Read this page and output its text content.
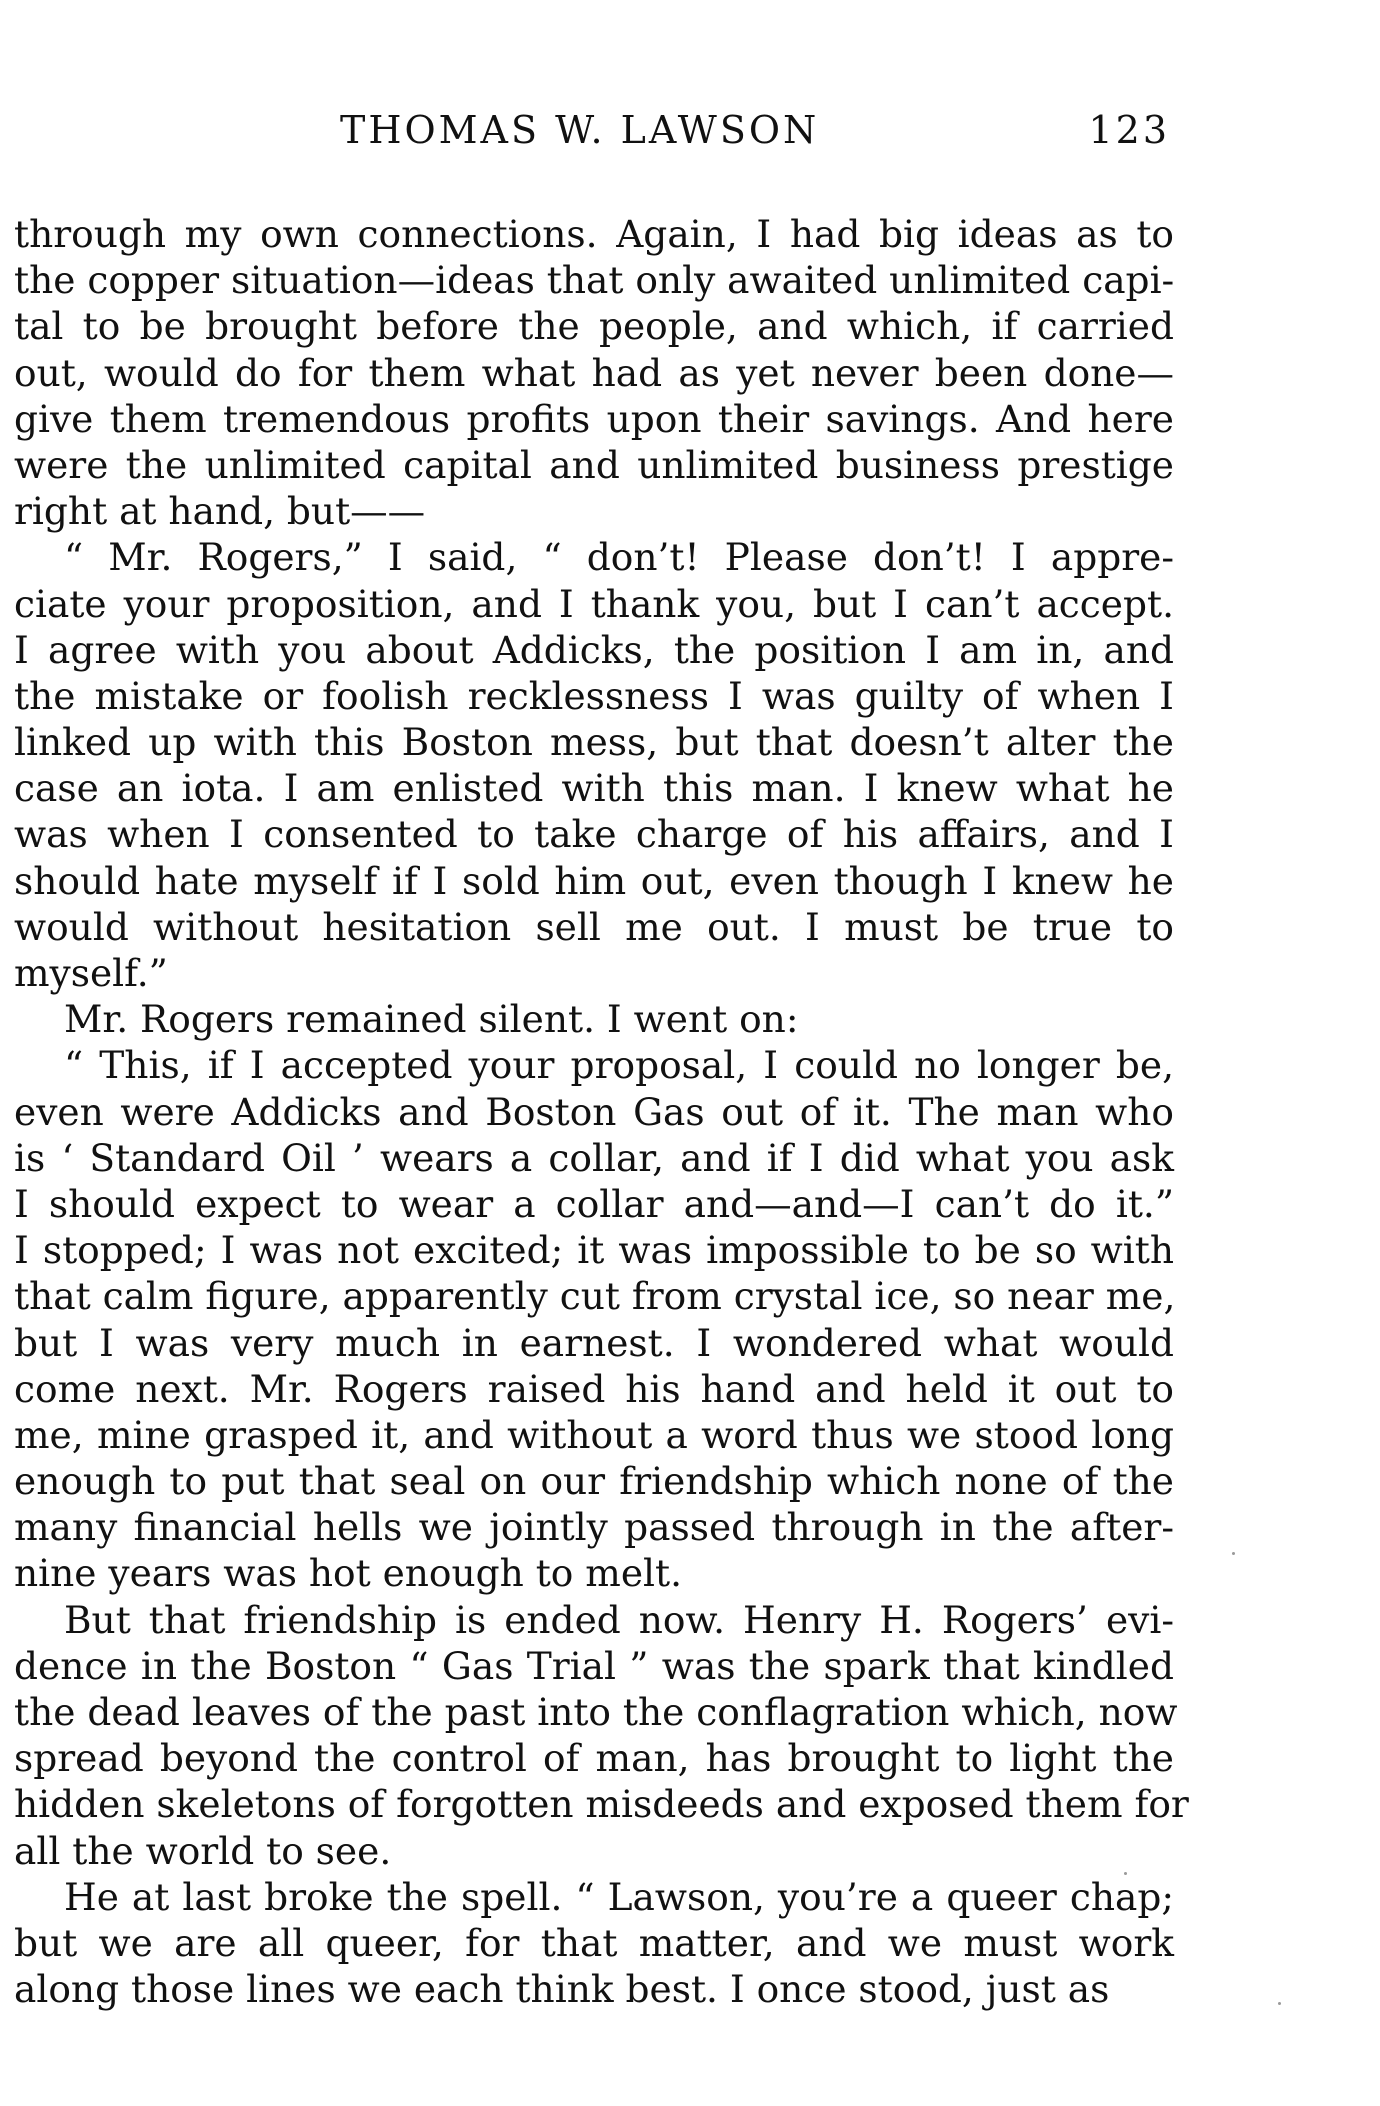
THOMAS W. LAWSON	123
through my own connections. Again, I had big ideas as to
the copper situation—ideas that only awaited unlimited capi-
tal to be brought before the people, and which, if carried
out, would do for them what had as yet never been done—
give them tremendous profits upon their savings. And here
were the unlimited capital and unlimited business prestige
right at hand, but——
“ Mr. Rogers,” I said, “ don’t! Please don’t! I appre-
ciate your proposition, and I thank you, but I can’t accept.
I agree with you about Addicks, the position I am in, and
the mistake or foolish recklessness I was guilty of when I
linked up with this Boston mess, but that doesn’t alter the
case an iota. I am enlisted with this man. I knew what he
was when I consented to take charge of his affairs, and I
should hate myself if I sold him out, even though I knew he
would without hesitation sell me out. I must be true to
myself.”
Mr. Rogers remained silent. I went on:
“ This, if I accepted your proposal, I could no longer be,
even were Addicks and Boston Gas out of it. The man who
is ‘ Standard Oil ’ wears a collar, and if I did what you ask
I should expect to wear a collar and—and—I can’t do it.”
I stopped; I was not excited; it was impossible to be so with
that calm figure, apparently cut from crystal ice, so near me,
but I was very much in earnest. I wondered what would
come next. Mr. Rogers raised his hand and held it out to
me, mine grasped it, and without a word thus we stood long
enough to put that seal on our friendship which none of the
many financial hells we jointly passed through in the after-
nine years was hot enough to melt.
But that friendship is ended now. Henry H. Rogers’ evi-
dence in the Boston “ Gas Trial ” was the spark that kindled
the dead leaves of the past into the conflagration which, now
spread beyond the control of man, has brought to light the
hidden skeletons of forgotten misdeeds and exposed them for
all the world to see.
He at last broke the spell. “ Lawson, you’re a queer chap;
but we are all queer, for that matter, and we must work
along those lines we each think best. I once stood, just as
